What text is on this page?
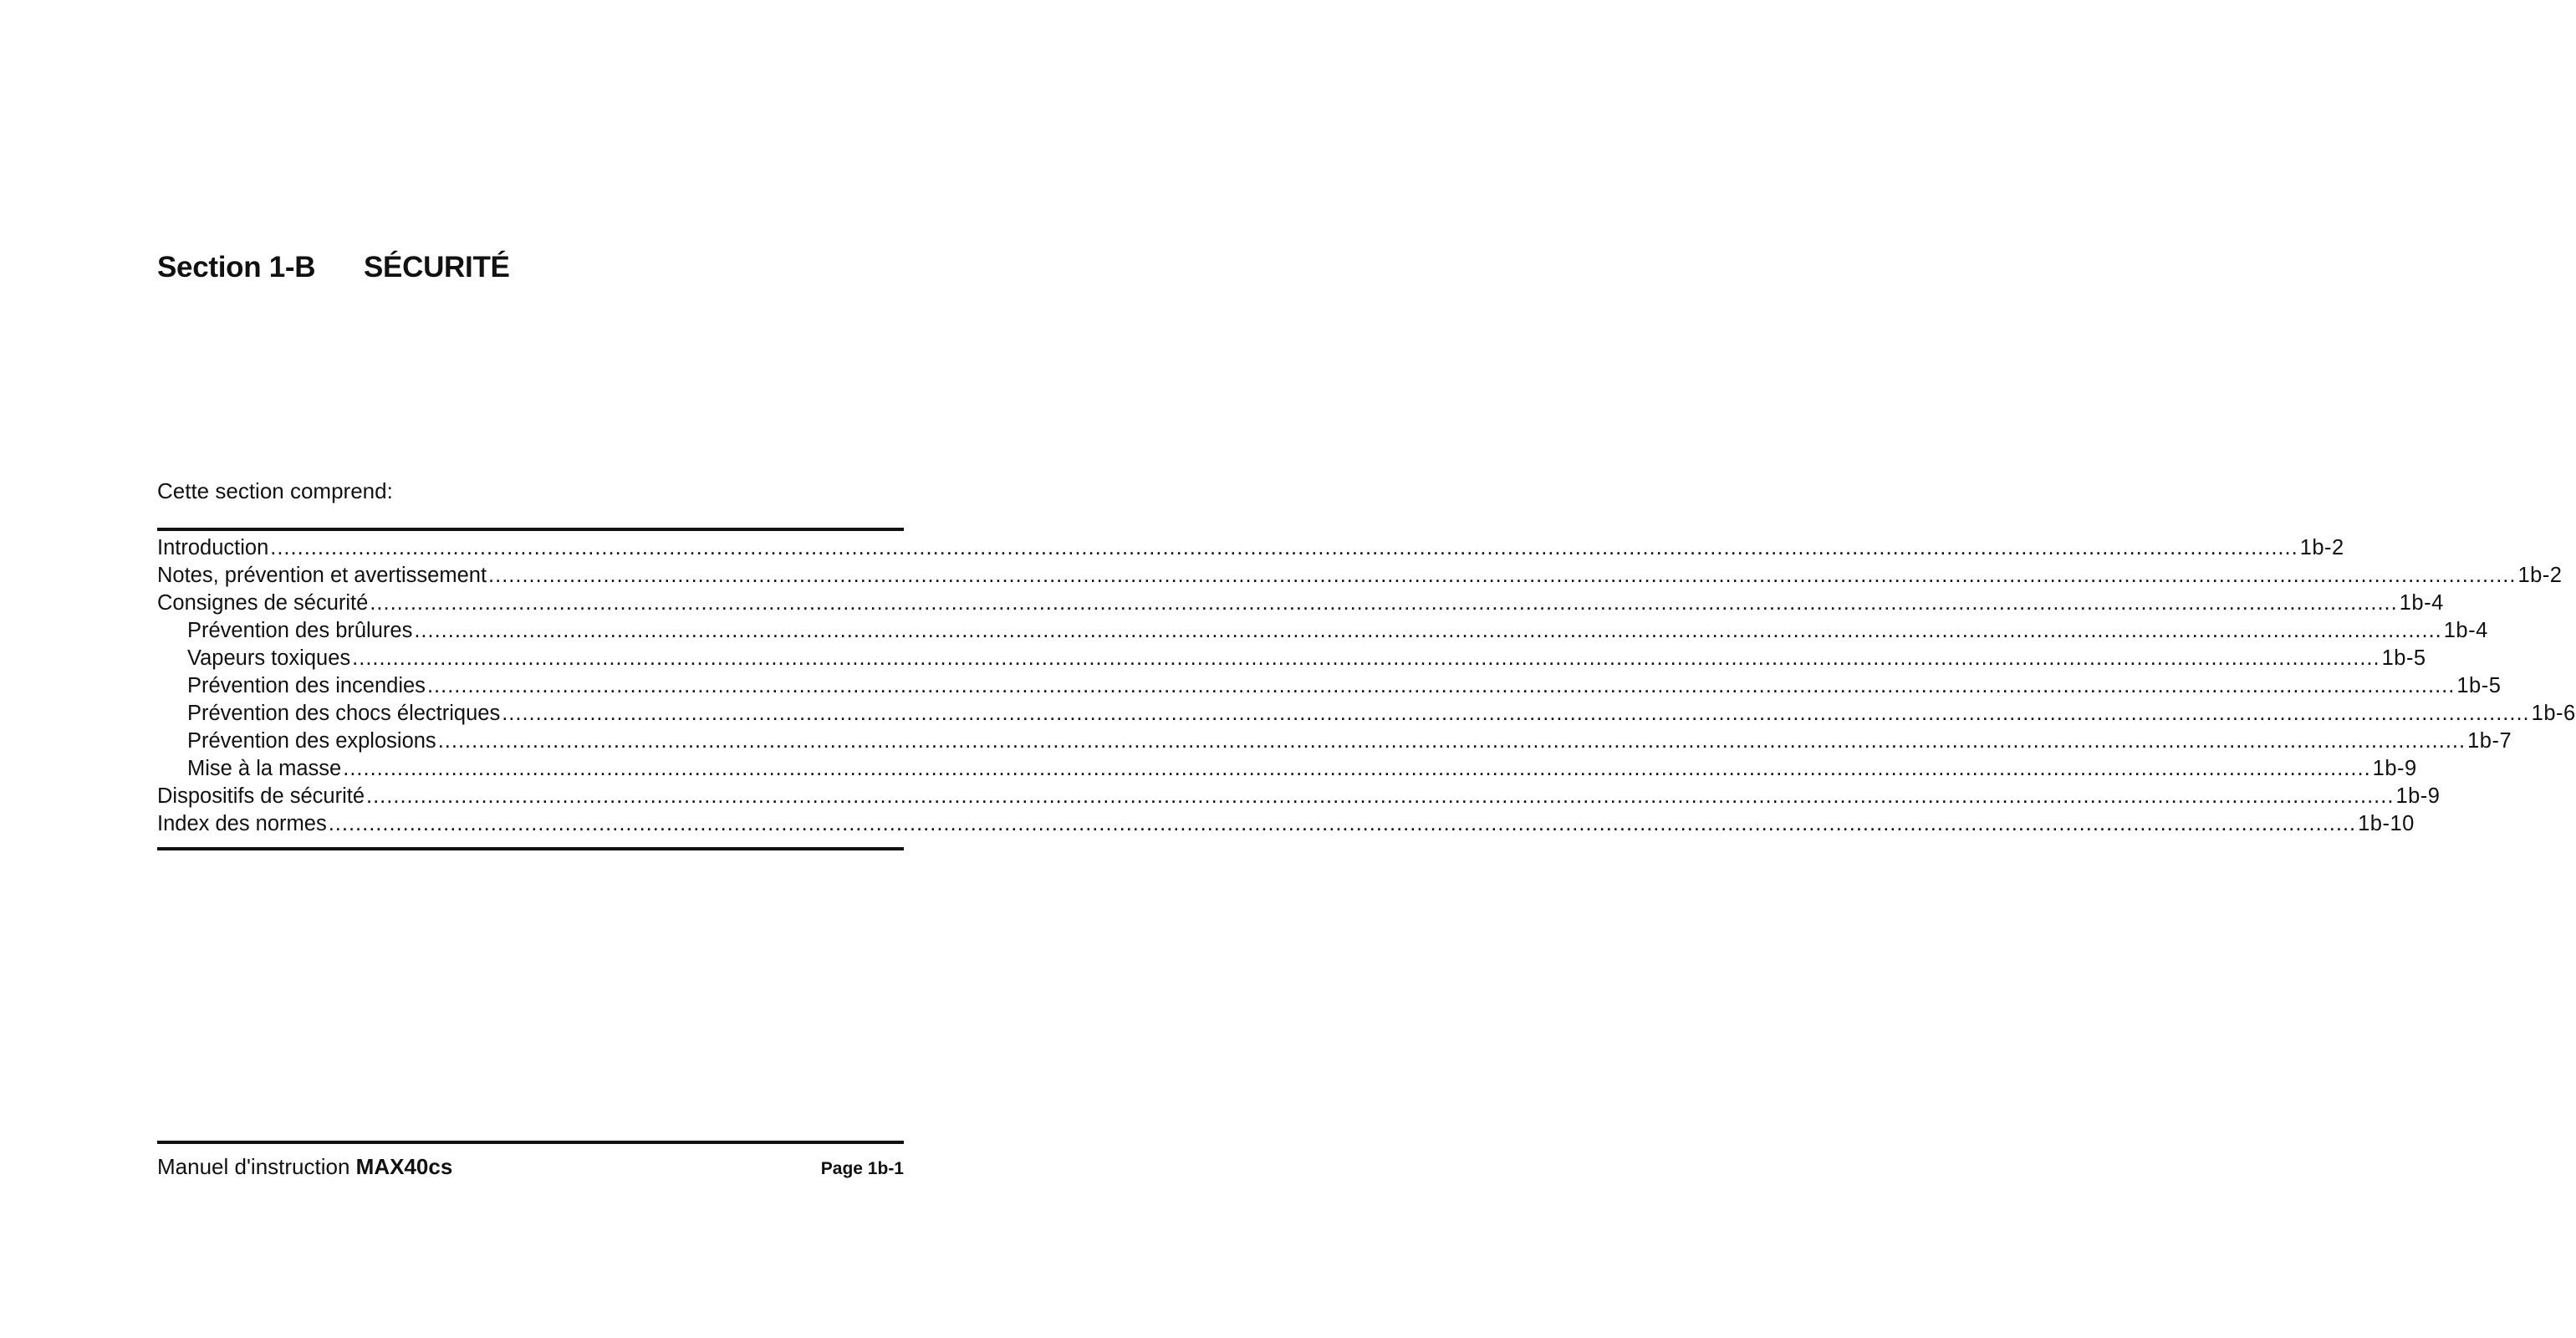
Section 1-B SÉCURITÉ
Cette section comprend:
Introduction ............................................................................................................................................................................................................................................................................................................ 1b-2
Notes, prévention et avertissement ............................................................................................................................................................................................................................................................................................................ 1b-2
Consignes de sécurité ............................................................................................................................................................................................................................................................................................................ 1b-4
Prévention des brûlures ............................................................................................................................................................................................................................................................................................................ 1b-4
Vapeurs toxiques ............................................................................................................................................................................................................................................................................................................ 1b-5
Prévention des incendies ............................................................................................................................................................................................................................................................................................................ 1b-5
Prévention des chocs électriques ............................................................................................................................................................................................................................................................................................................ 1b-6
Prévention des explosions ............................................................................................................................................................................................................................................................................................................ 1b-7
Mise à la masse ............................................................................................................................................................................................................................................................................................................ 1b-9
Dispositifs de sécurité ............................................................................................................................................................................................................................................................................................................ 1b-9
Index des normes ............................................................................................................................................................................................................................................................................................................ 1b-10
Manuel d'instruction MAX40cs	Page 1b-1
